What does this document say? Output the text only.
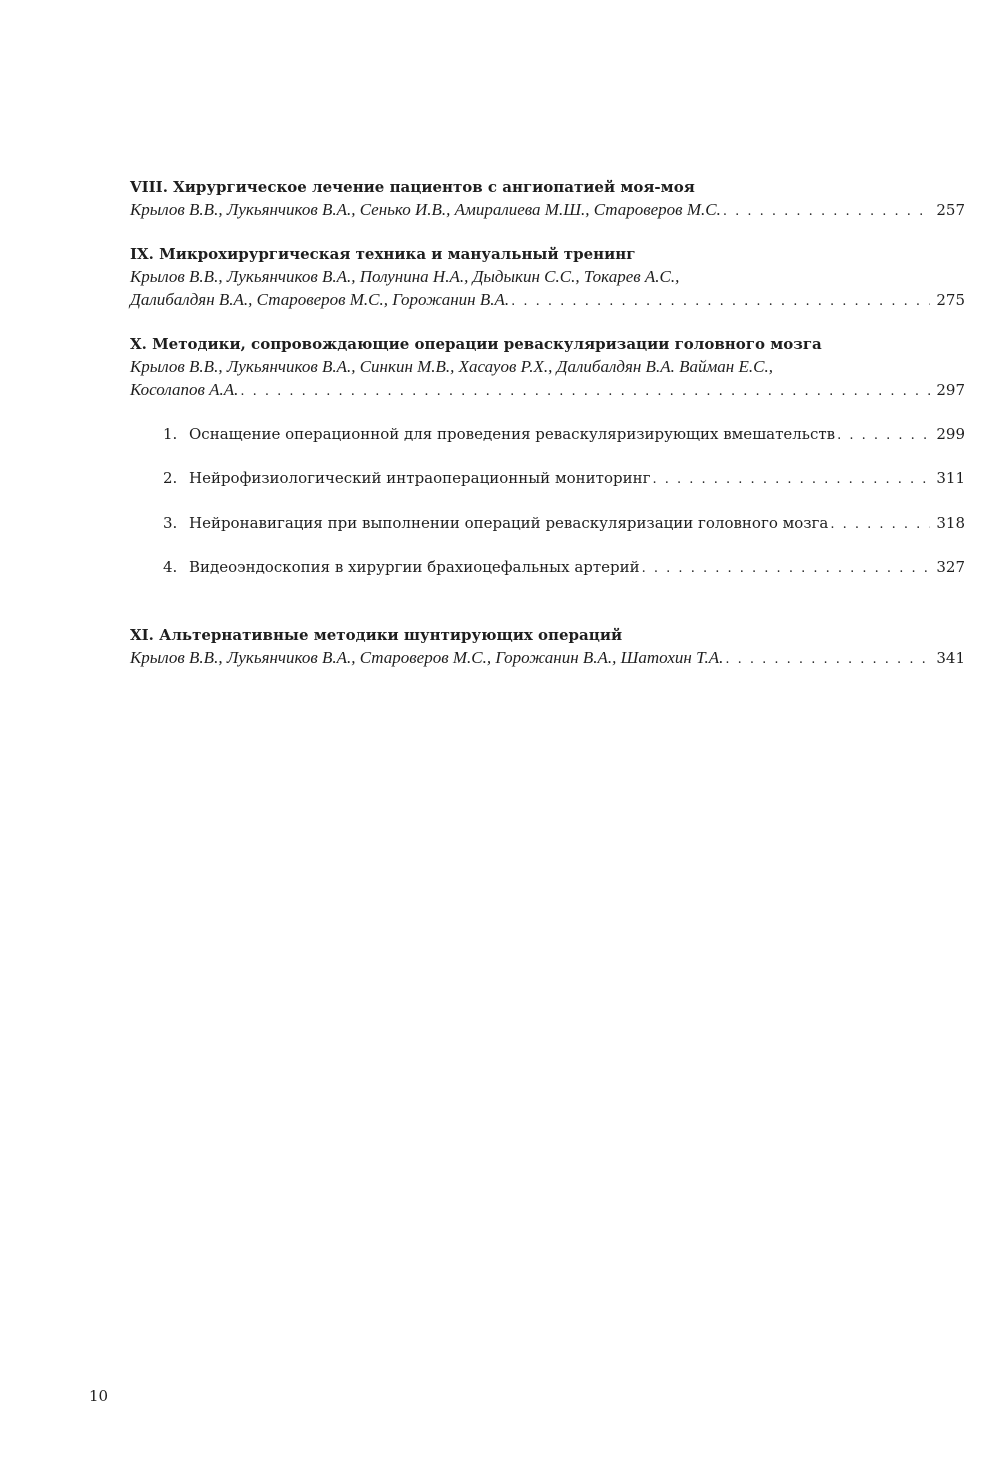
VIII. Хирургическое лечение пациентов с ангиопатией моя-моя
Крылов В.В., Лукьянчиков В.А., Сенько И.В., Амиралиева М.Ш., Староверов М.С. . . .	257
IX. Микрохирургическая техника и мануальный тренинг
Крылов В.В., Лукьянчиков В.А., Полунина Н.А., Дыдыкин С.С., Токарев А.С.,
Далибалдян В.А., Староверов М.С., Горожанин В.А. . . .	275
X. Методики, сопровождающие операции реваскуляризации головного мозга
Крылов В.В., Лукьянчиков В.А., Синкин М.В., Хасауов Р.Х., Далибалдян В.А. Вайман Е.С.,
Косолапов А.А. . . .	297
1. Оснащение операционной для проведения реваскуляризирующих вмешательств . . .	299
2. Нейрофизиологический интраоперационный мониторинг . . .	311
3. Нейронавигация при выполнении операций реваскуляризации головного мозга . . .	318
4. Видеоэндоскопия в хирургии брахиоцефальных артерий . . .	327
XI. Альтернативные методики шунтирующих операций
Крылов В.В., Лукьянчиков В.А., Староверов М.С., Горожанин В.А., Шатохин Т.А. . . .	341
10
